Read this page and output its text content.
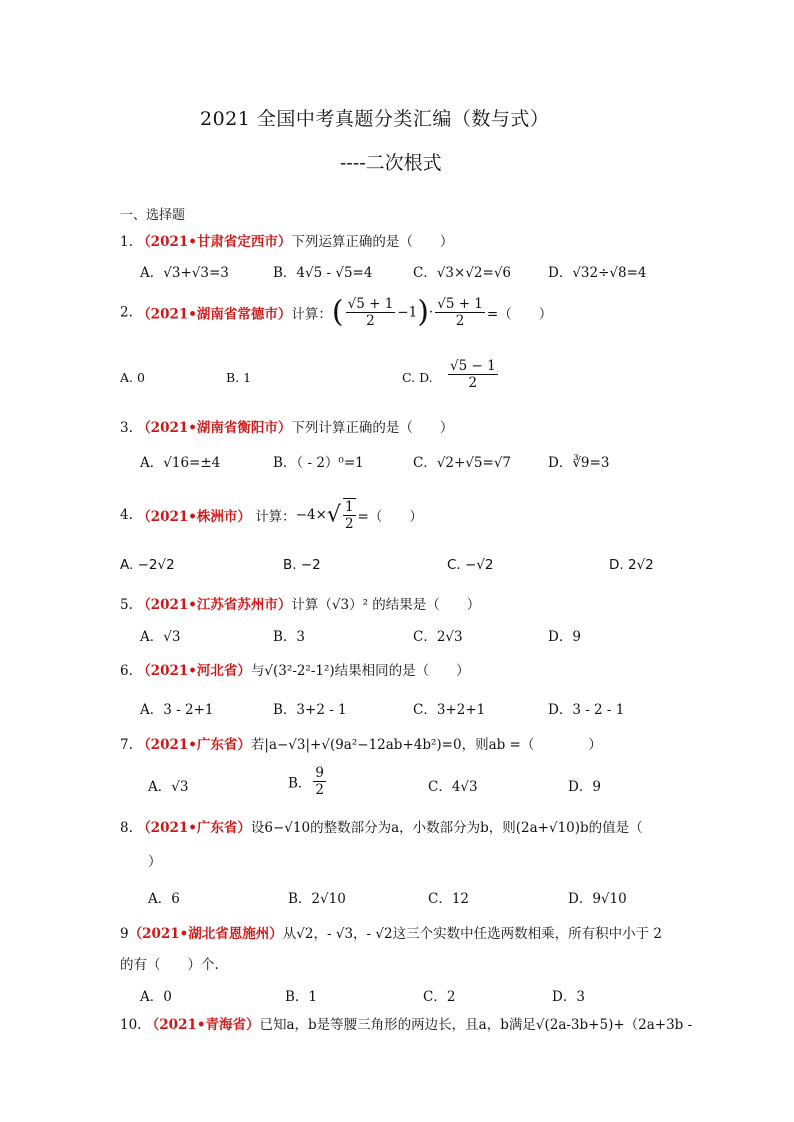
2021 全国中考真题分类汇编（数与式）
----二次根式
一、选择题
1. （2021•甘肃省定西市）下列运算正确的是（　　）
A．√3+√3=3	B．4√5 - √5=4	C．√3×√2=√6	D．√32÷√8=4
2. （2021•湖南省常德市）计算：( $\frac{√5 + 1}{2} -1)\cdot \frac{√5 + 1}{2}$ =（　　）
A. 0	B. 1	C. D. $\frac{√5 - 1}{2}$
3. （2021•湖南省衡阳市）下列计算正确的是（　　）
A．√16=±4	B．（ - 2）⁰=1	C．√2+√5=√7	D．∛9=3
4. （2021•株洲市） 计算：$-4\times√ \frac{1}{2}$ =（　　）
A. −2√2	B. −2	C. −√2	D. 2√2
5. （2021•江苏省苏州市）计算（√3）² 的结果是（　　）
A．√3	B．3	C．2√3	D．9
6. （2021•河北省）与√(3²-2²-1²)结果相同的是（　　）
A．3 - 2+1	B．3+2 - 1	C．3+2+1	D．3 - 2 - 1
7. （2021•广东省）若|a−√3|+√(9a²−12ab+4b²)=0，则ab =（　　　　）
A．√3	B． $\frac{9}{2}$	C．4√3	D．9
8. （2021•广东省）设6−√10的整数部分为a，小数部分为b，则(2a+√10)b的值是（
）
A．6	B．2√10	C．12	D．9√10
9（2021•湖北省恩施州）从√2，- √3，- √2这三个实数中任选两数相乘，所有积中小于 2
的有（　　）个.
A．0	B．1	C．2	D．3
10. （2021•青海省）已知a，b是等腰三角形的两边长，且a，b满足√(2a-3b+5)+（2a+3b -
